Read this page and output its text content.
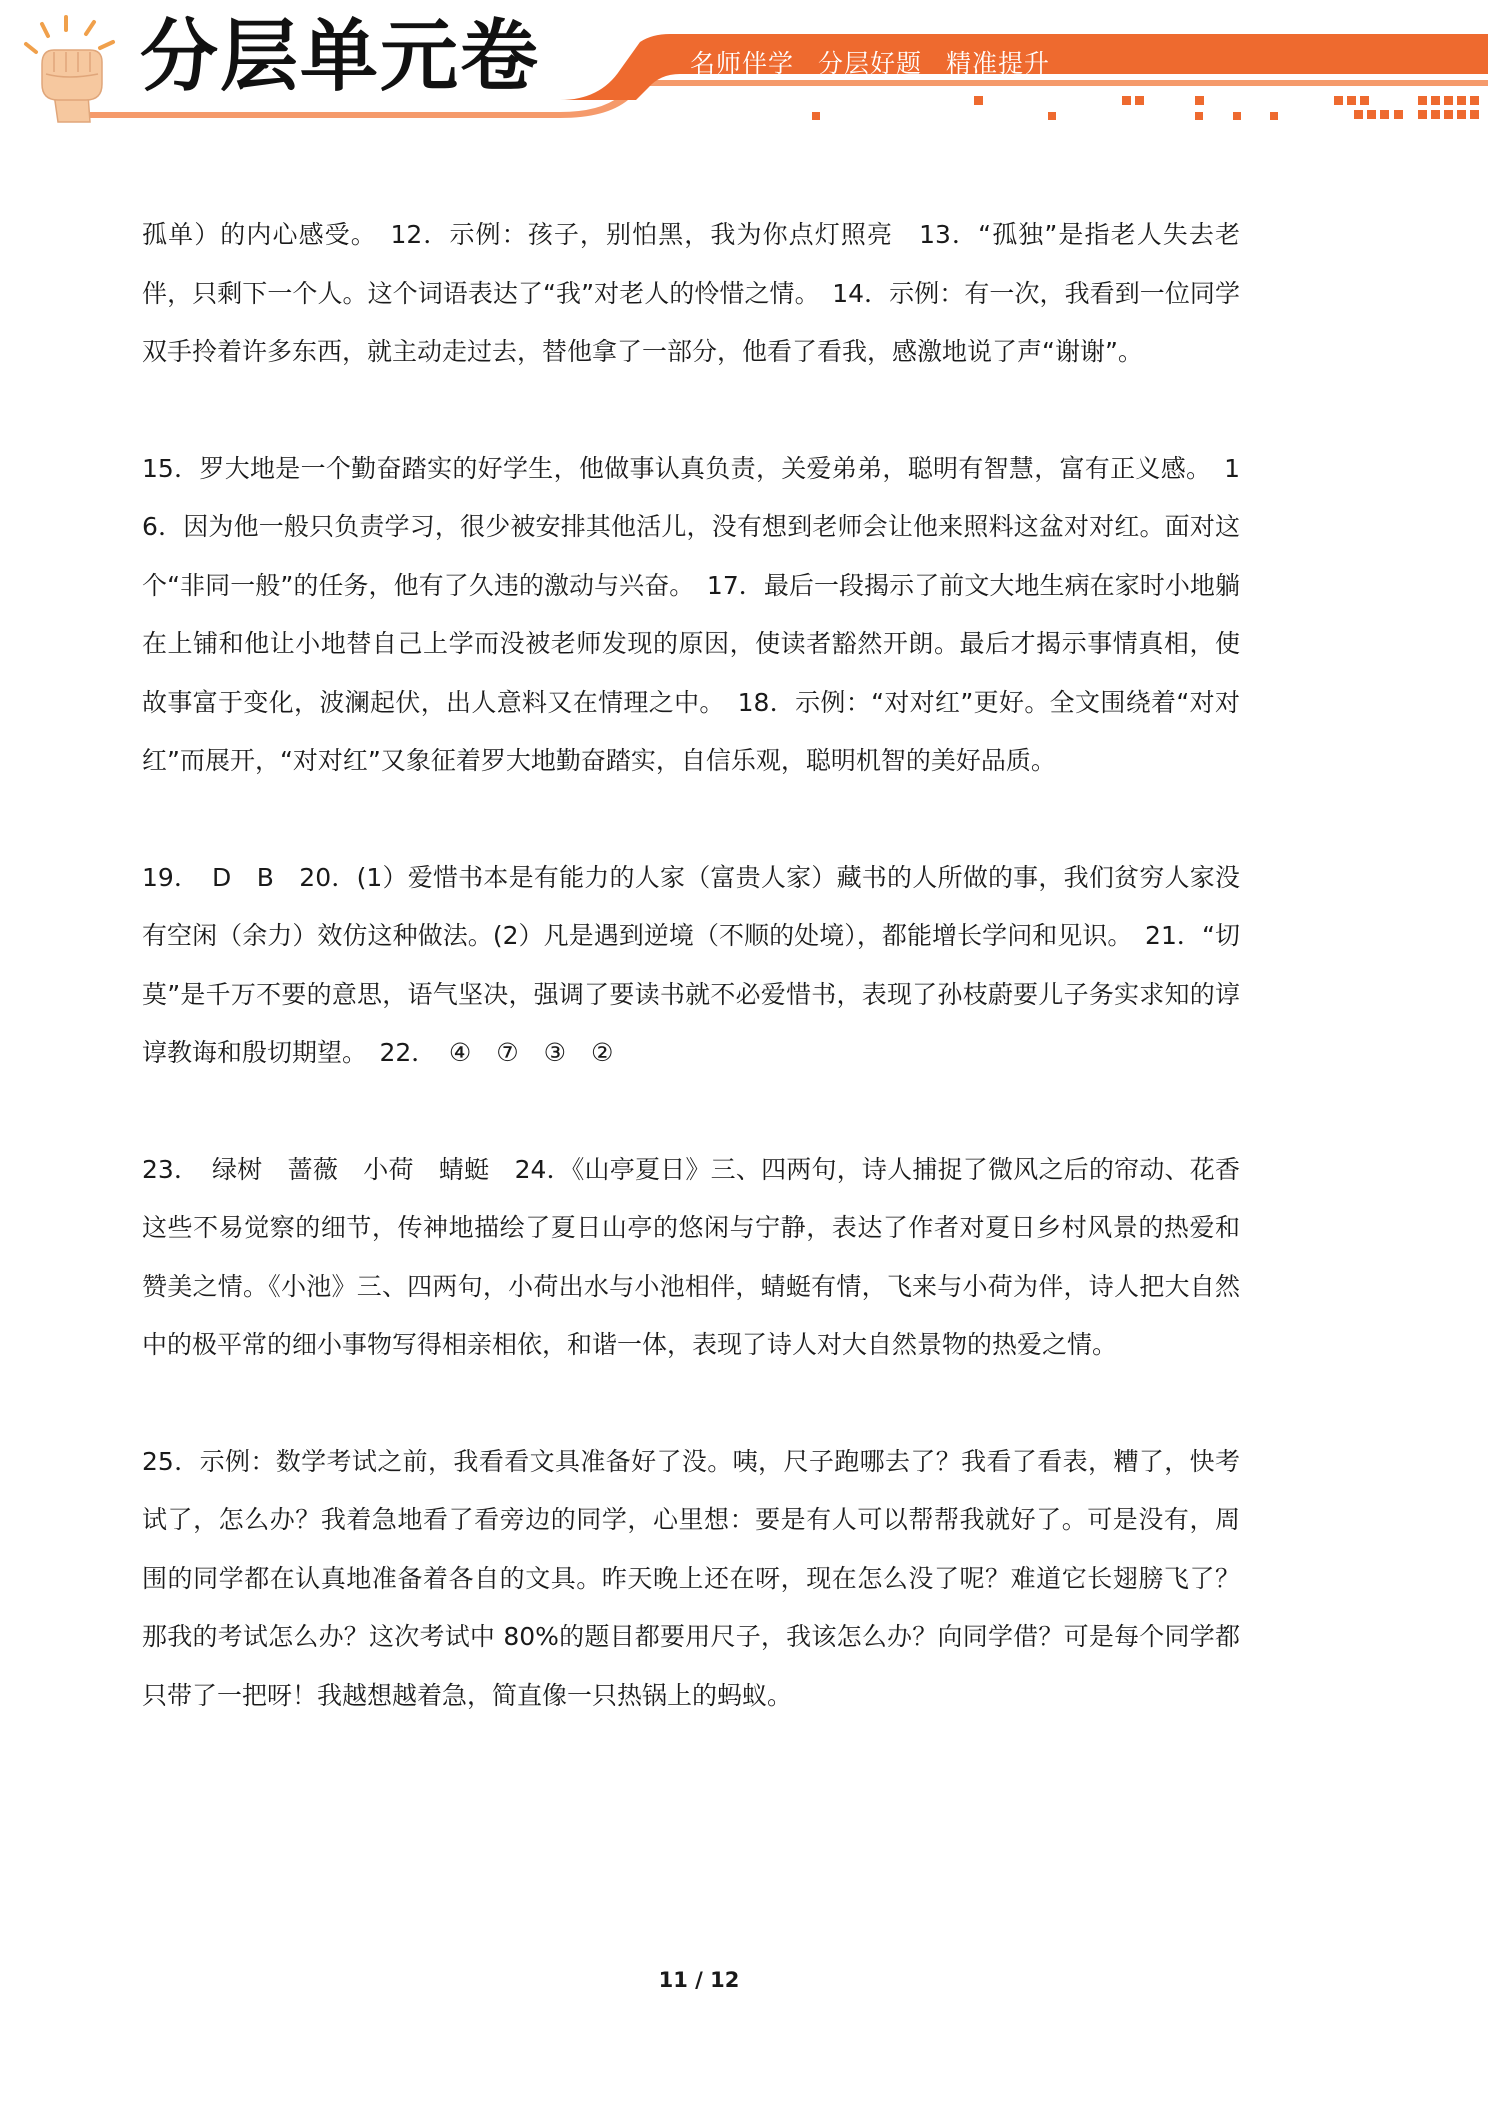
分层单元卷	名师伴学 分层好题 精准提升

孤单）的内心感受。　12．示例：孩子，别怕黑，我为你点灯照亮　13．“孤独”是指老人失去老伴，只剩下一个人。这个词语表达了“我”对老人的怜惜之情。　14．示例：有一次，我看到一位同学双手拎着许多东西，就主动走过去，替他拿了一部分，他看了看我，感激地说了声“谢谢”。

15．罗大地是一个勤奋踏实的好学生，他做事认真负责，关爱弟弟，聪明有智慧，富有正义感。　16．因为他一般只负责学习，很少被安排其他活儿，没有想到老师会让他来照料这盆对对红。面对这个“非同一般”的任务，他有了久违的激动与兴奋。　17．最后一段揭示了前文大地生病在家时小地躺在上铺和他让小地替自己上学而没被老师发现的原因，使读者豁然开朗。最后才揭示事情真相，使故事富于变化，波澜起伏，出人意料又在情理之中。　18．示例：“对对红”更好。全文围绕着“对对红”而展开，“对对红”又象征着罗大地勤奋踏实，自信乐观，聪明机智的美好品质。

19．　D　B　20．(1）爱惜书本是有能力的人家（富贵人家）藏书的人所做的事，我们贫穷人家没有空闲（余力）效仿这种做法。(2）凡是遇到逆境（不顺的处境），都能增长学问和见识。　21．“切莫”是千万不要的意思，语气坚决，强调了要读书就不必爱惜书，表现了孙枝蔚要儿子务实求知的谆谆教诲和殷切期望。　22．　④　⑦　③　②

23．　绿树　蔷薇　小荷　蜻蜓　24．《山亭夏日》三、四两句，诗人捕捉了微风之后的帘动、花香这些不易觉察的细节，传神地描绘了夏日山亭的悠闲与宁静，表达了作者对夏日乡村风景的热爱和赞美之情。《小池》三、四两句，小荷出水与小池相伴，蜻蜓有情，飞来与小荷为伴，诗人把大自然中的极平常的细小事物写得相亲相依，和谐一体，表现了诗人对大自然景物的热爱之情。

25．示例：数学考试之前，我看看文具准备好了没。咦，尺子跑哪去了？我看了看表，糟了，快考试了，怎么办？我着急地看了看旁边的同学，心里想：要是有人可以帮帮我就好了。可是没有，周围的同学都在认真地准备着各自的文具。昨天晚上还在呀，现在怎么没了呢？难道它长翅膀飞了？那我的考试怎么办？这次考试中 80%的题目都要用尺子，我该怎么办？向同学借？可是每个同学都只带了一把呀！我越想越着急，简直像一只热锅上的蚂蚁。

11 / 12
